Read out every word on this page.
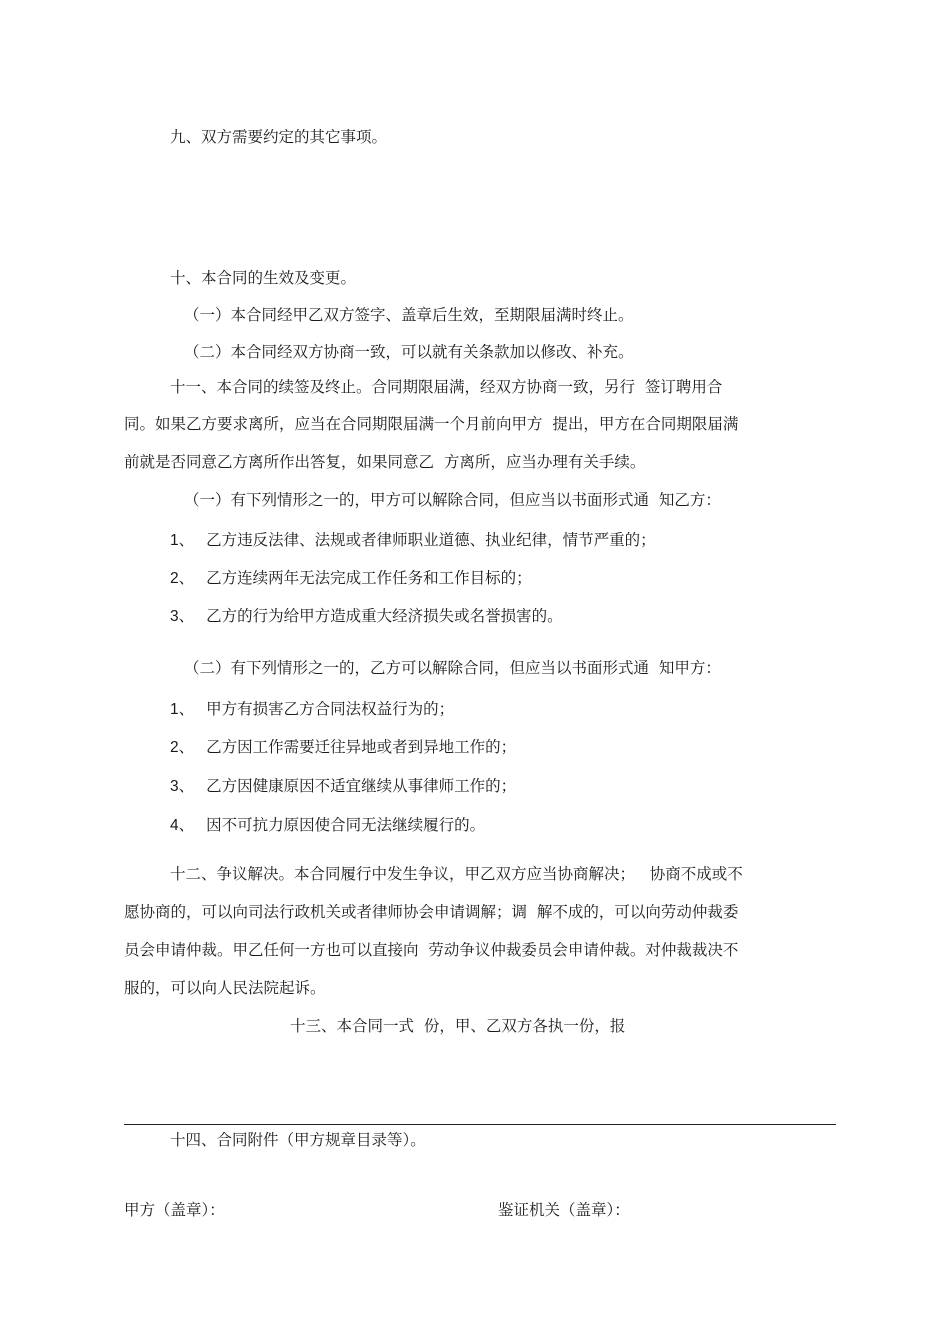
九、双方需要约定的其它事项。
十、本合同的生效及变更。
（一）本合同经甲乙双方签字、盖章后生效，至期限届满时终止。
（二）本合同经双方协商一致，可以就有关条款加以修改、补充。
十一、本合同的续签及终止。合同期限届满，经双方协商一致，另行  签订聘用合
同。如果乙方要求离所，应当在合同期限届满一个月前向甲方  提出，甲方在合同期限届满
前就是否同意乙方离所作出答复，如果同意乙  方离所，应当办理有关手续。
（一）有下列情形之一的，甲方可以解除合同，但应当以书面形式通  知乙方：
1、 乙方违反法律、法规或者律师职业道德、执业纪律，情节严重的；
2、 乙方连续两年无法完成工作任务和工作目标的；
3、 乙方的行为给甲方造成重大经济损失或名誉损害的。
（二）有下列情形之一的，乙方可以解除合同，但应当以书面形式通  知甲方：
1、 甲方有损害乙方合同法权益行为的；
2、 乙方因工作需要迁往异地或者到异地工作的；
3、 乙方因健康原因不适宜继续从事律师工作的；
4、 因不可抗力原因使合同无法继续履行的。
十二、争议解决。本合同履行中发生争议，甲乙双方应当协商解决；   协商不成或不
愿协商的，可以向司法行政机关或者律师协会申请调解；调  解不成的，可以向劳动仲裁委
员会申请仲裁。甲乙任何一方也可以直接向  劳动争议仲裁委员会申请仲裁。对仲裁裁决不
服的，可以向人民法院起诉。
十三、本合同一式  份，甲、乙双方各执一份，报
十四、合同附件（甲方规章目录等）。
甲方（盖章）：	鉴证机关（盖章）：
